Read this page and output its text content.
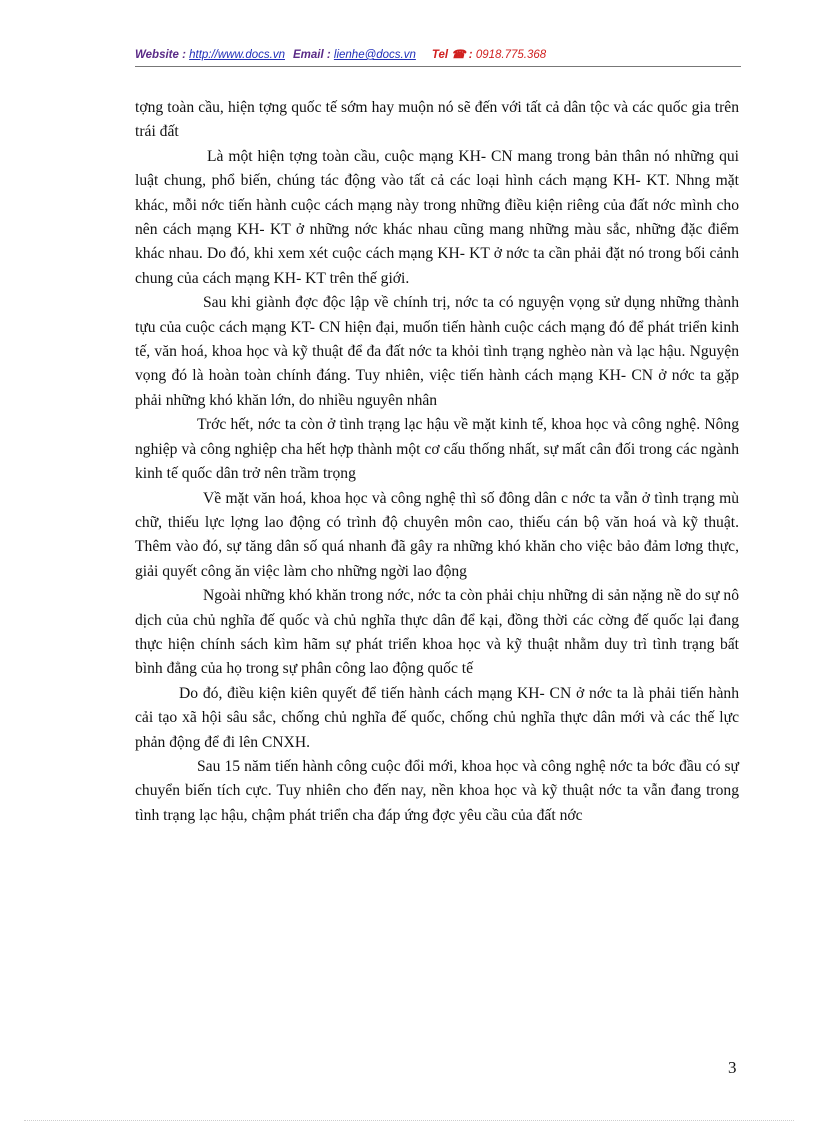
Website : http://www.docs.vn Email : lienhe@docs.vn Tel ☎ : 0918.775.368

tợng toàn cầu, hiện tợng quốc tế sớm hay muộn nó sẽ đến với tất cả dân tộc và các quốc gia trên trái đất

Là một hiện tợng toàn cầu, cuộc mạng KH- CN mang trong bản thân nó những qui luật chung, phổ biến, chúng tác động vào tất cả các loại hình cách mạng KH- KT. Nhng mặt khác, mỗi nớc tiến hành cuộc cách mạng này trong những điều kiện riêng của đất nớc mình cho nên cách mạng KH- KT ở những nớc khác nhau cũng mang những màu sắc, những đặc điểm khác nhau. Do đó, khi xem xét cuộc cách mạng KH- KT ở nớc ta cần phải đặt nó trong bối cảnh chung của cách mạng KH- KT trên thế giới.

Sau khi giành đợc độc lập về chính trị, nớc ta có nguyện vọng sử dụng những thành tựu của cuộc cách mạng KT- CN hiện đại, muốn tiến hành cuộc cách mạng đó để phát triển kinh tế, văn hoá, khoa học và kỹ thuật để đa đất nớc ta khỏi tình trạng nghèo nàn và lạc hậu. Nguyện vọng đó là hoàn toàn chính đáng. Tuy nhiên, việc tiến hành cách mạng KH- CN ở nớc ta gặp phải những khó khăn lớn, do nhiều nguyên nhân

Trớc hết, nớc ta còn ở tình trạng lạc hậu về mặt kinh tế, khoa học và công nghệ. Nông nghiệp và công nghiệp cha hết hợp thành một cơ cấu thống nhất, sự mất cân đối trong các ngành kinh tế quốc dân trở nên trầm trọng

Về mặt văn hoá, khoa học và công nghệ thì số đông dân c nớc ta vẫn ở tình trạng mù chữ, thiếu lực lợng lao động có trình độ chuyên môn cao, thiếu cán bộ văn hoá và kỹ thuật. Thêm vào đó, sự tăng dân số quá nhanh đã gây ra những khó khăn cho việc bảo đảm lơng thực, giải quyết công ăn việc làm cho những ngời lao động

Ngoài những khó khăn trong nớc, nớc ta còn phải chịu những di sản nặng nề do sự nô dịch của chủ nghĩa đế quốc và chủ nghĩa thực dân để kại, đồng thời các cờng đế quốc lại đang thực hiện chính sách kìm hãm sự phát triển khoa học và kỹ thuật nhằm duy trì tình trạng bất bình đẳng của họ trong sự phân công lao động quốc tế

Do đó, điều kiện kiên quyết để tiến hành cách mạng KH- CN ở nớc ta là phải tiến hành cải tạo xã hội sâu sắc, chống chủ nghĩa đế quốc, chống chủ nghĩa thực dân mới và các thế lực phản động để đi lên CNXH.

Sau 15 năm tiến hành công cuộc đổi mới, khoa học và công nghệ nớc ta bớc đầu có sự chuyển biến tích cực. Tuy nhiên cho đến nay, nền khoa học và kỹ thuật nớc ta vẫn đang trong tình trạng lạc hậu, chậm phát triển cha đáp ứng đợc yêu cầu của đất nớc

3
